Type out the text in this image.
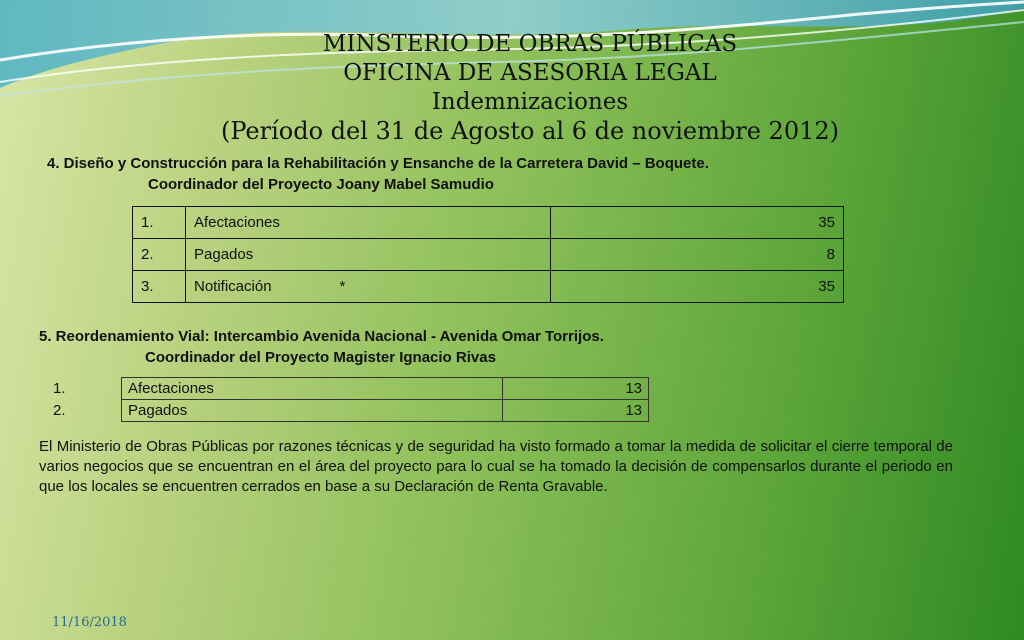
MINSTERIO DE OBRAS PÚBLICAS
OFICINA DE ASESORIA LEGAL
Indemnizaciones
(Período del 31 de Agosto al 6 de noviembre 2012)
4. Diseño y Construcción para la Rehabilitación y Ensanche de la Carretera David – Boquete.
Coordinador del Proyecto Joany Mabel Samudio
1.	Afectaciones	35
2.	Pagados	8
3.	Notificación *	35
5. Reordenamiento Vial: Intercambio Avenida Nacional - Avenida Omar Torrijos.
Coordinador del Proyecto Magister Ignacio Rivas
1.	Afectaciones	13
2.	Pagados	13
El Ministerio de Obras Públicas por razones técnicas y de seguridad ha visto formado a tomar la medida de solicitar el cierre temporal de varios negocios que se encuentran en el área del proyecto para lo cual se ha tomado la decisión de compensarlos durante el periodo en que los locales se encuentren cerrados en base a su Declaración de Renta Gravable.
11/16/2018
